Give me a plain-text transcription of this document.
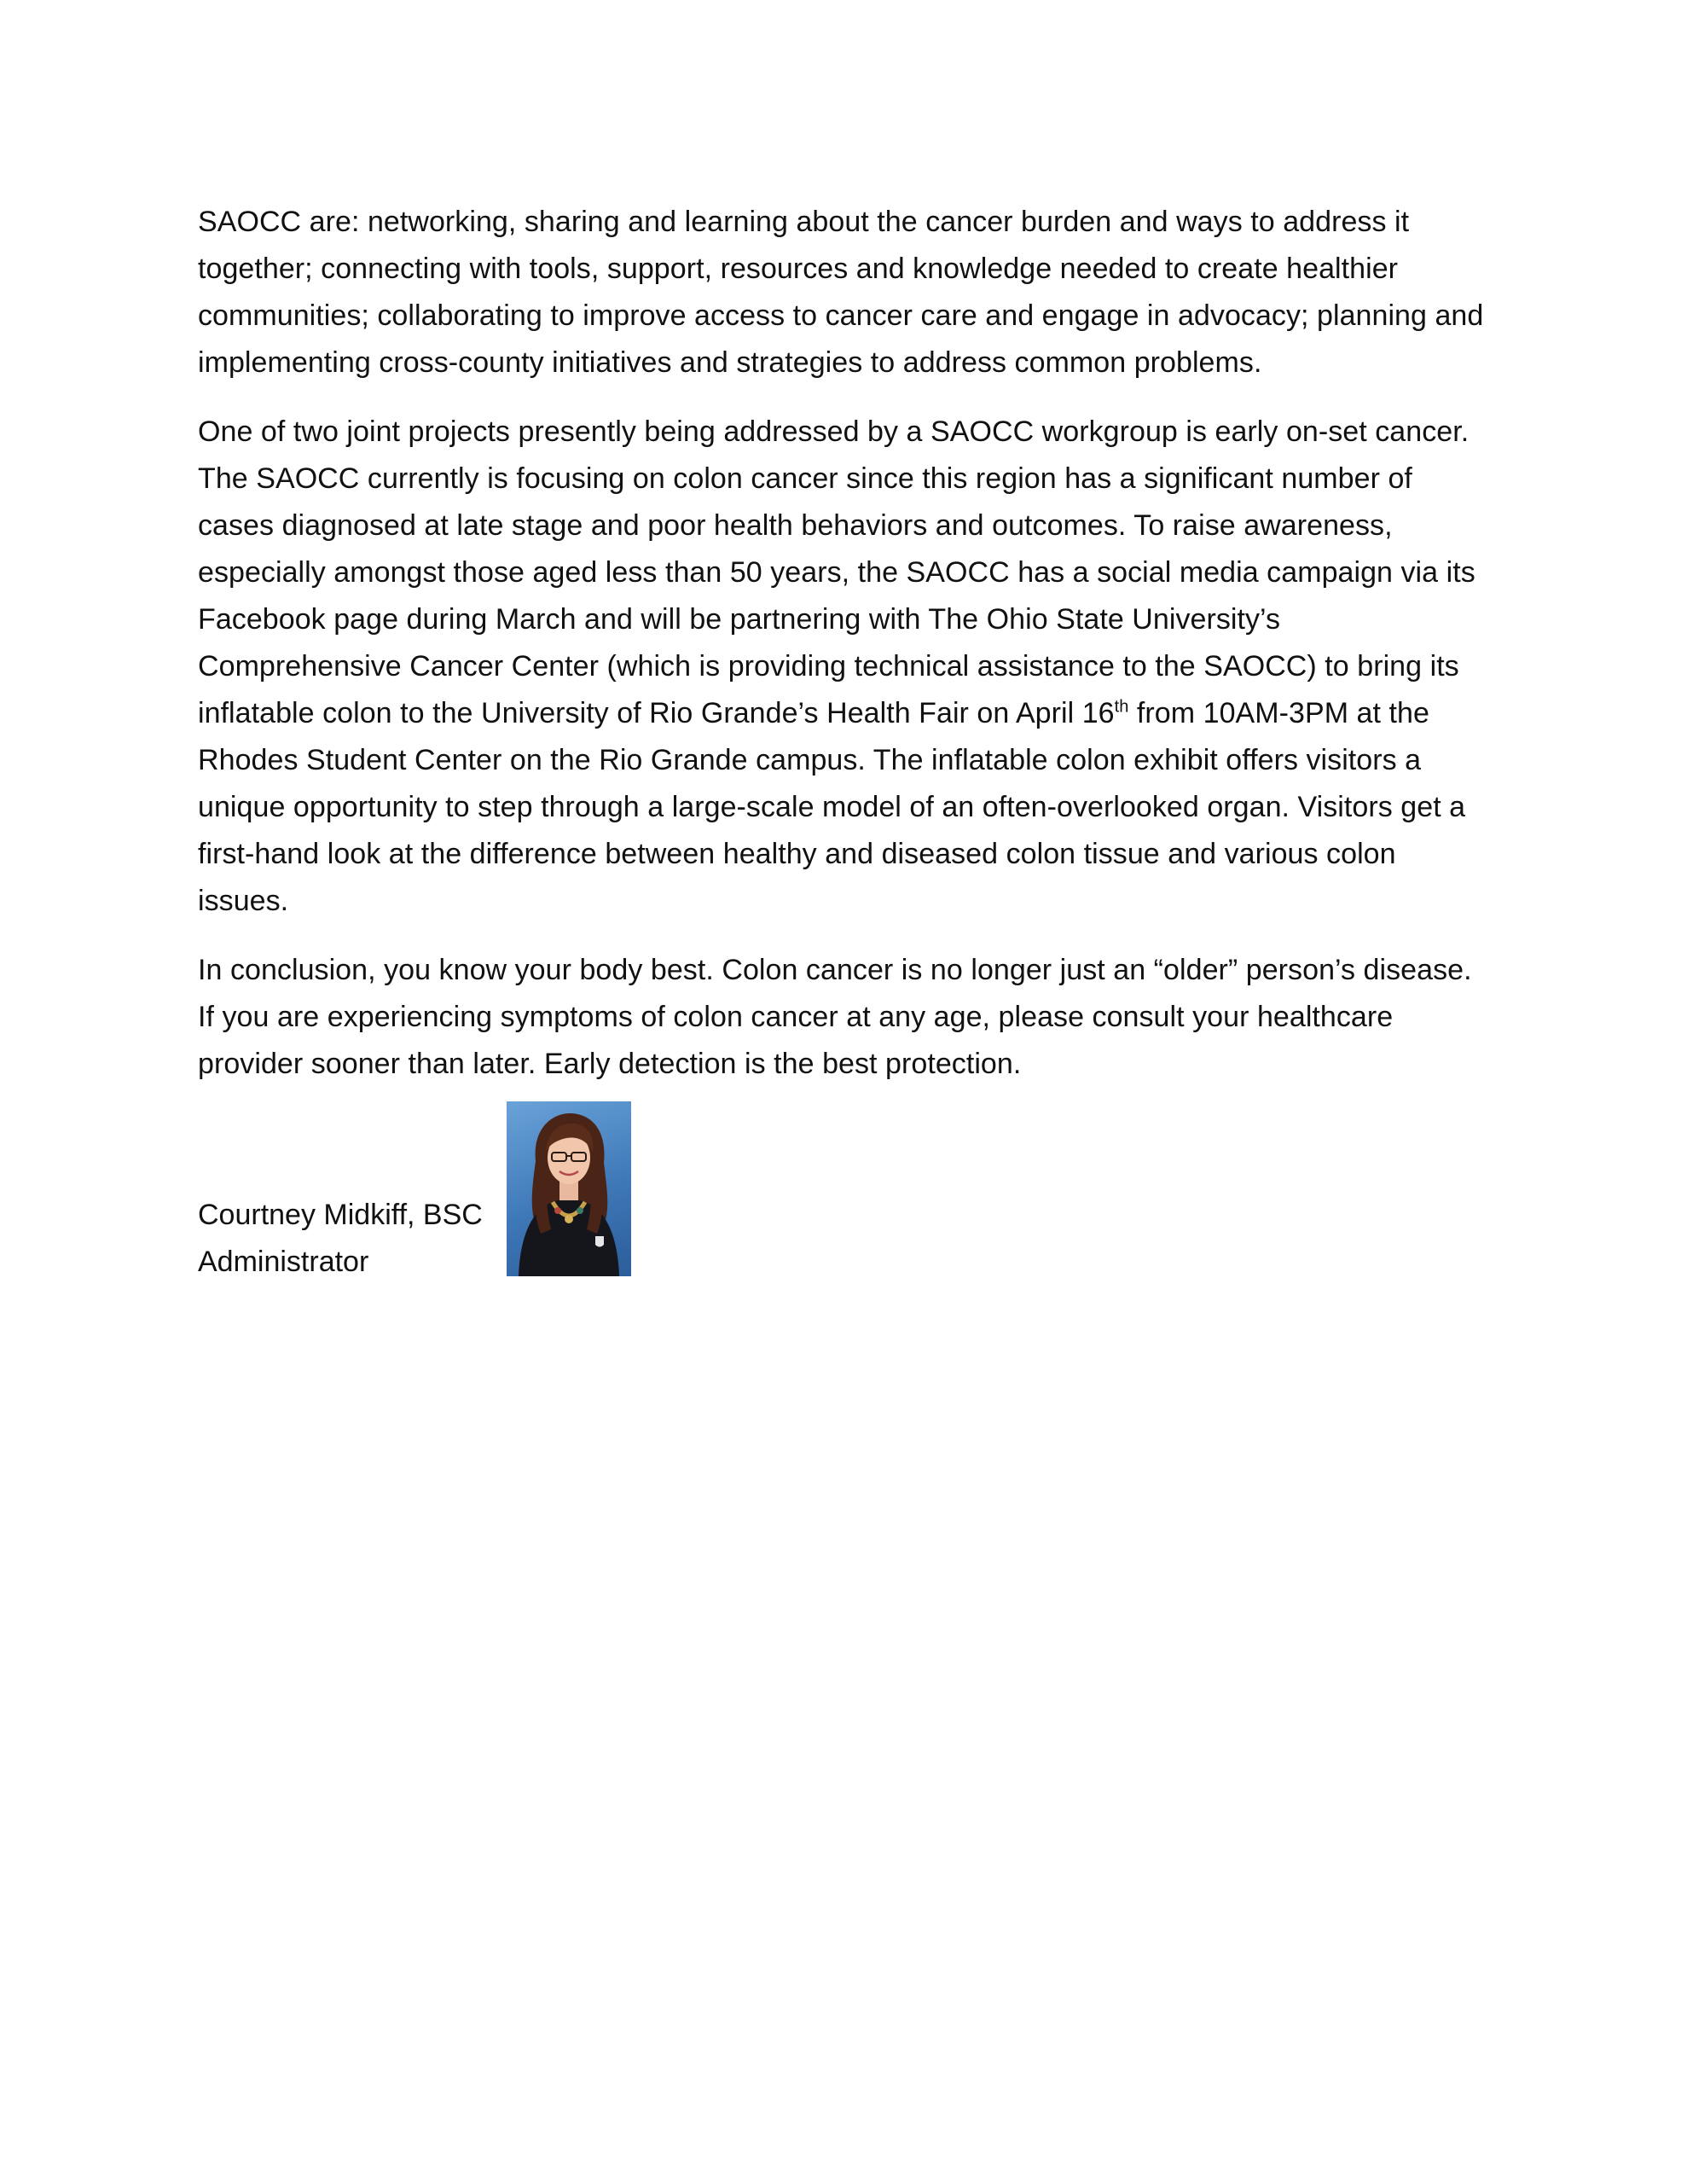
SAOCC are: networking, sharing and learning about the cancer burden and ways to address it together; connecting with tools, support, resources and knowledge needed to create healthier communities; collaborating to improve access to cancer care and engage in advocacy; planning and implementing cross-county initiatives and strategies to address common problems.

One of two joint projects presently being addressed by a SAOCC workgroup is early on-set cancer. The SAOCC currently is focusing on colon cancer since this region has a significant number of cases diagnosed at late stage and poor health behaviors and outcomes. To raise awareness, especially amongst those aged less than 50 years, the SAOCC has a social media campaign via its Facebook page during March and will be partnering with The Ohio State University’s Comprehensive Cancer Center (which is providing technical assistance to the SAOCC) to bring its inflatable colon to the University of Rio Grande’s Health Fair on April 16th from 10AM-3PM at the Rhodes Student Center on the Rio Grande campus. The inflatable colon exhibit offers visitors a unique opportunity to step through a large-scale model of an often-overlooked organ. Visitors get a first-hand look at the difference between healthy and diseased colon tissue and various colon issues.

In conclusion, you know your body best. Colon cancer is no longer just an “older” person’s disease. If you are experiencing symptoms of colon cancer at any age, please consult your healthcare provider sooner than later. Early detection is the best protection.

Courtney Midkiff, BSC
Administrator
